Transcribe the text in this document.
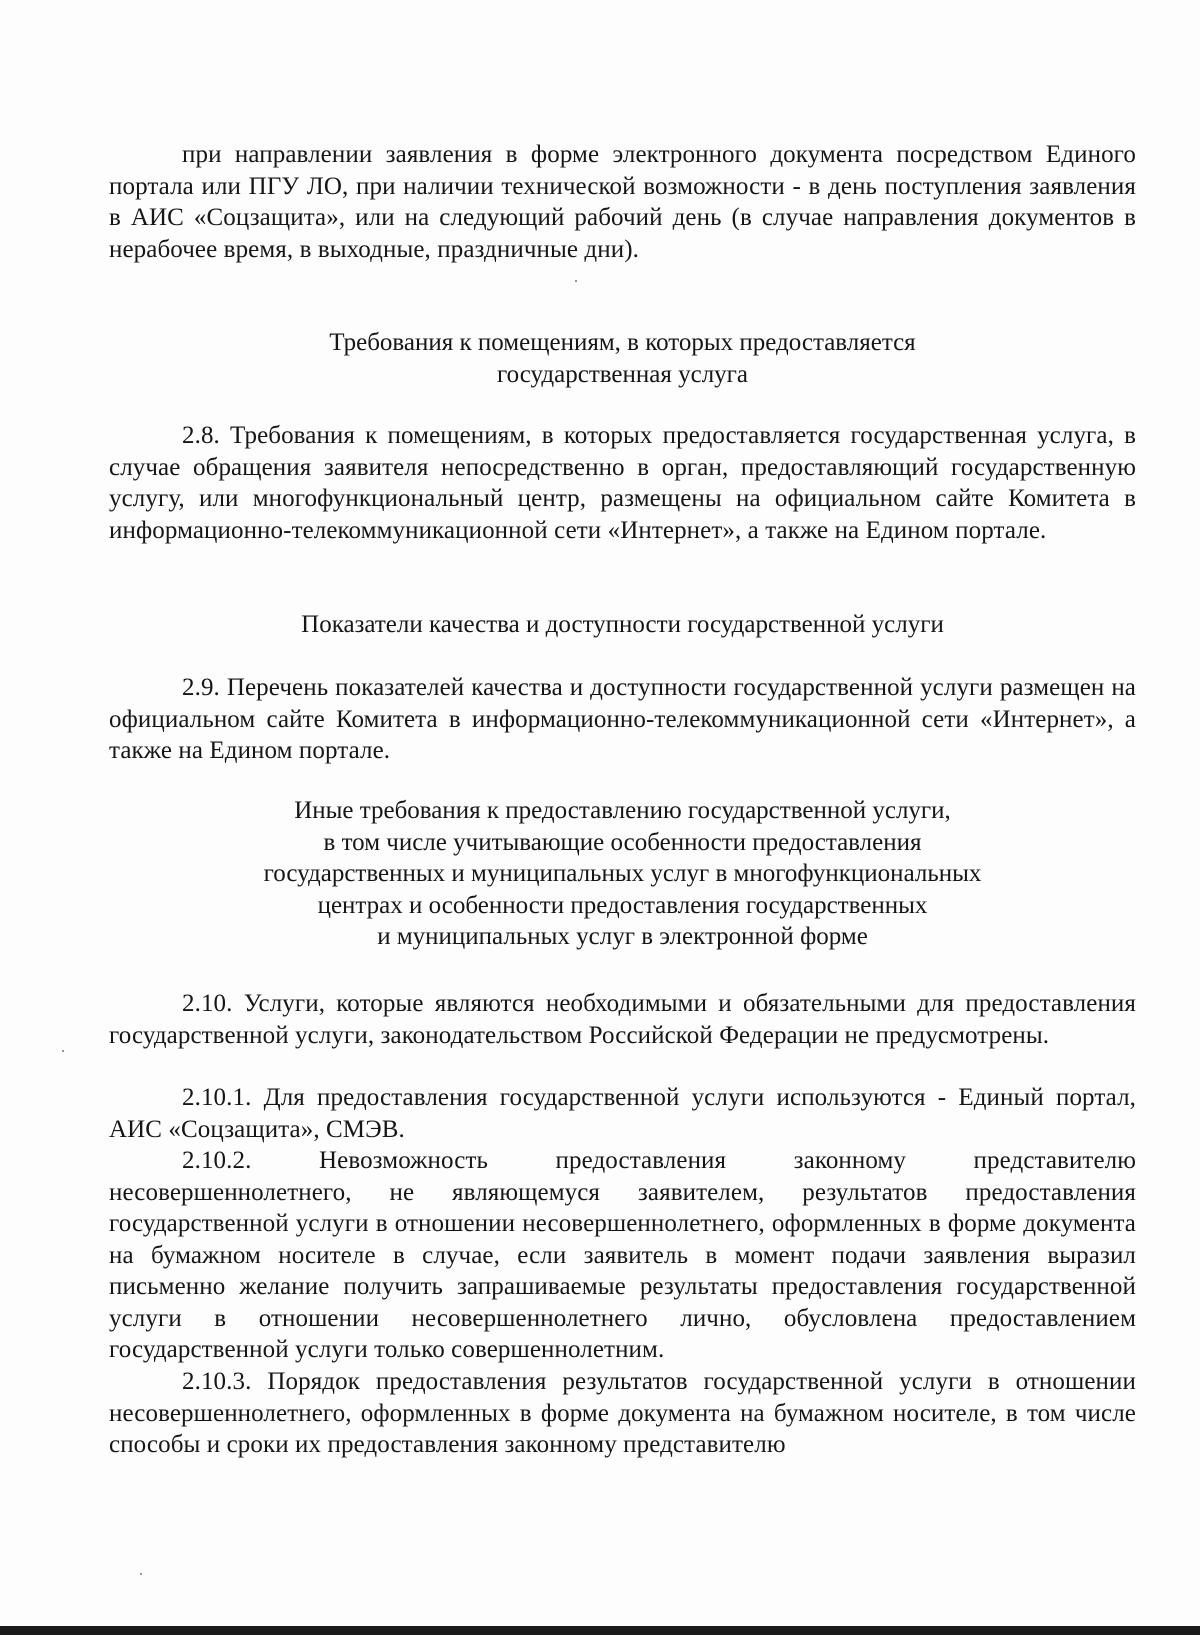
при направлении заявления в форме электронного документа посредством Единого портала или ПГУ ЛО, при наличии технической возможности - в день поступления заявления в АИС «Соцзащита», или на следующий рабочий день (в случае направления документов в нерабочее время, в выходные, праздничные дни).

Требования к помещениям, в которых предоставляется
государственная услуга

2.8. Требования к помещениям, в которых предоставляется государственная услуга, в случае обращения заявителя непосредственно в орган, предоставляющий государственную услугу, или многофункциональный центр, размещены на официальном сайте Комитета в информационно-телекоммуникационной сети «Интернет», а также на Едином портале.

Показатели качества и доступности государственной услуги

2.9. Перечень показателей качества и доступности государственной услуги размещен на официальном сайте Комитета в информационно-телекоммуникационной сети «Интернет», а также на Едином портале.

Иные требования к предоставлению государственной услуги,
в том числе учитывающие особенности предоставления
государственных и муниципальных услуг в многофункциональных
центрах и особенности предоставления государственных
и муниципальных услуг в электронной форме

2.10. Услуги, которые являются необходимыми и обязательными для предоставления государственной услуги, законодательством Российской Федерации не предусмотрены.

2.10.1. Для предоставления государственной услуги используются - Единый портал, АИС «Соцзащита», СМЭВ.

2.10.2. Невозможность предоставления законному представителю несовершеннолетнего, не являющемуся заявителем, результатов предоставления государственной услуги в отношении несовершеннолетнего, оформленных в форме документа на бумажном носителе в случае, если заявитель в момент подачи заявления выразил письменно желание получить запрашиваемые результаты предоставления государственной услуги в отношении несовершеннолетнего лично, обусловлена предоставлением государственной услуги только совершеннолетним.

2.10.3. Порядок предоставления результатов государственной услуги в отношении несовершеннолетнего, оформленных в форме документа на бумажном носителе, в том числе способы и сроки их предоставления законному представителю
